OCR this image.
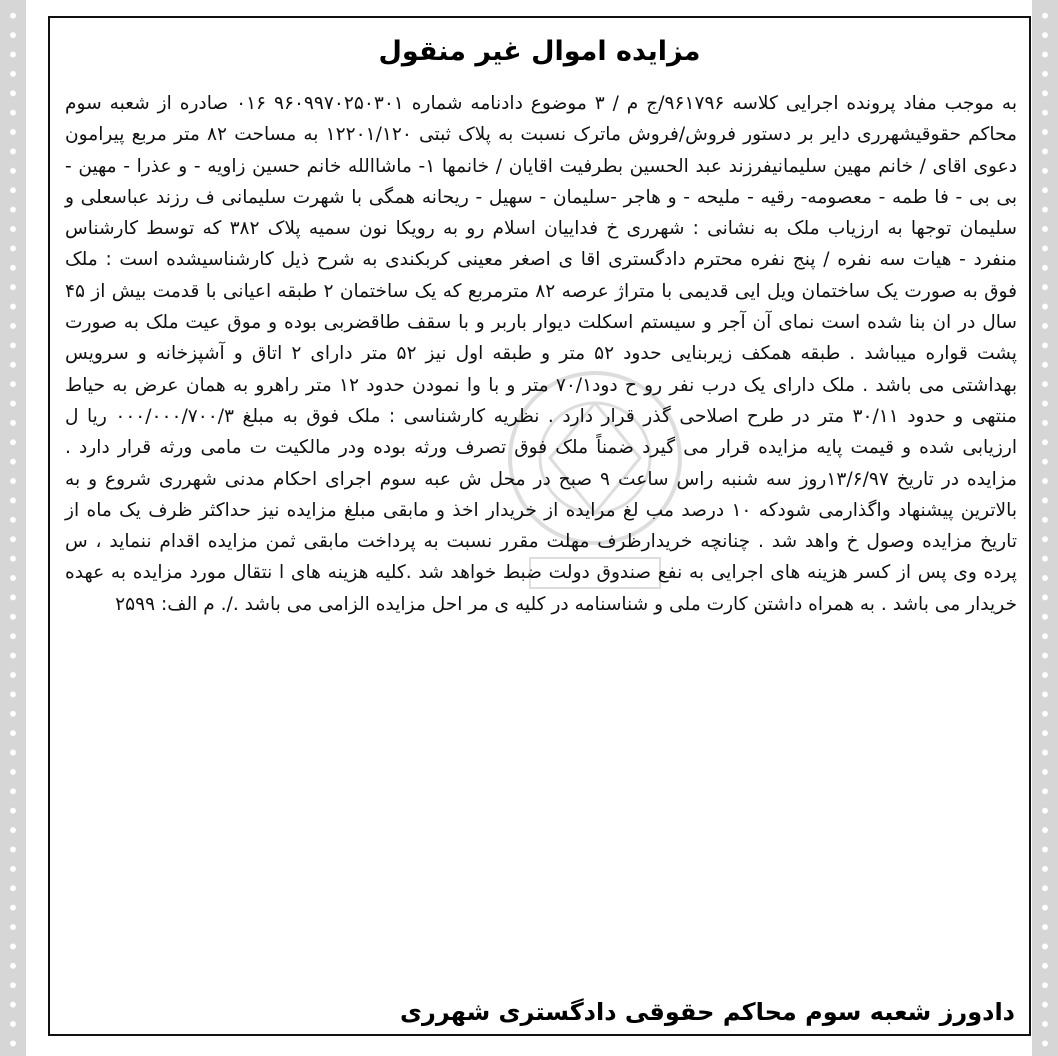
مزایده اموال غیر منقول

به موجب مفاد پرونده اجرایی کلاسه ۹۶۱۷۹۶/ج م / ۳ موضوع دادنامه شماره ۹۶۰۹۹۷۰۲۵۰۳۰۱ ۰۱۶ صادره از شعبه سوم محاکم حقوقیشهرری دایر بر دستور فروش/فروش ماترک نسبت به پلاک ثبتی ۱۲۲۰۱/۱۲۰ به مساحت ۸۲ متر مربع پیرامون دعوی اقای / خانم مهین سلیمانیفرزند عبد الحسین بطرفیت اقایان / خانمها ۱- ماشاالله خانم حسین زاویه - و عذرا - مهین - بی بی - فا طمه - معصومه- رقیه - ملیحه - و هاجر -سلیمان - سهیل - ریحانه همگی با شهرت سلیمانی ف رزند عباسعلی و سلیمان توجها به ارزیاب ملک به نشانی : شهرری خ فداییان اسلام رو به رویکا نون سمیه پلاک ۳۸۲ که توسط کارشناس منفرد - هیات سه نفره / پنج نفره محترم دادگستری اقا ی اصغر معینی کربکندی به شرح ذیل کارشناسیشده است : ملک فوق به صورت یک ساختمان ویل ایی قدیمی با متراژ عرصه ۸۲ مترمربع که یک ساختمان ۲ طبقه اعیانی با قدمت بیش از ۴۵ سال در ان بنا شده است نمای آن آجر و سیستم اسکلت دیوار باربر و با سقف طاقضربی بوده و موق عیت ملک به صورت پشت قواره میباشد . طبقه همکف زیربنایی حدود ۵۲ متر و طبقه اول نیز ۵۲ متر دارای ۲ اتاق و آشپزخانه و سرویس بهداشتی می باشد . ملک دارای یک درب نفر رو ح دود۷۰/۱ متر و با وا نمودن حدود ۱۲ متر راهرو به همان عرض به حیاط منتهی و حدود ۳۰/۱۱ متر در طرح اصلاحی گذر قرار دارد . نظریه کارشناسی : ملک فوق به مبلغ ۰۰۰/۰۰۰/۷۰۰/۳ ریا ل ارزیابی شده و قیمت پایه مزایده قرار می گیرد ضمناً ملک فوق تصرف ورثه بوده ودر مالکیت ت مامی ورثه قرار دارد . مزایده در تاریخ ۱۳/۶/۹۷روز سه شنبه راس ساعت ۹ صبح در محل ش عبه سوم اجرای احکام مدنی شهرری شروع و به بالاترین پیشنهاد واگذارمی شودکه ۱۰ درصد مب لغ مرایده از خریدار اخذ و مابقی مبلغ مزایده نیز حداکثر ظرف یک ماه از تاریخ مزایده وصول خ واهد شد . چنانچه خریدارظرف مهلت مقرر نسبت به پرداخت مابقی ثمن مزایده اقدام ننماید ، س پرده وی پس از کسر هزینه های اجرایی به نفع صندوق دولت ضبط خواهد شد .کلیه هزینه های ا نتقال مورد مزایده به عهده خریدار می باشد . به همراه داشتن کارت ملی و شناسنامه در کلیه ی مر احل مزایده الزامی می باشد ./. م الف: ۲۵۹۹

دادورز شعبه سوم محاکم حقوقی دادگستری شهرری
